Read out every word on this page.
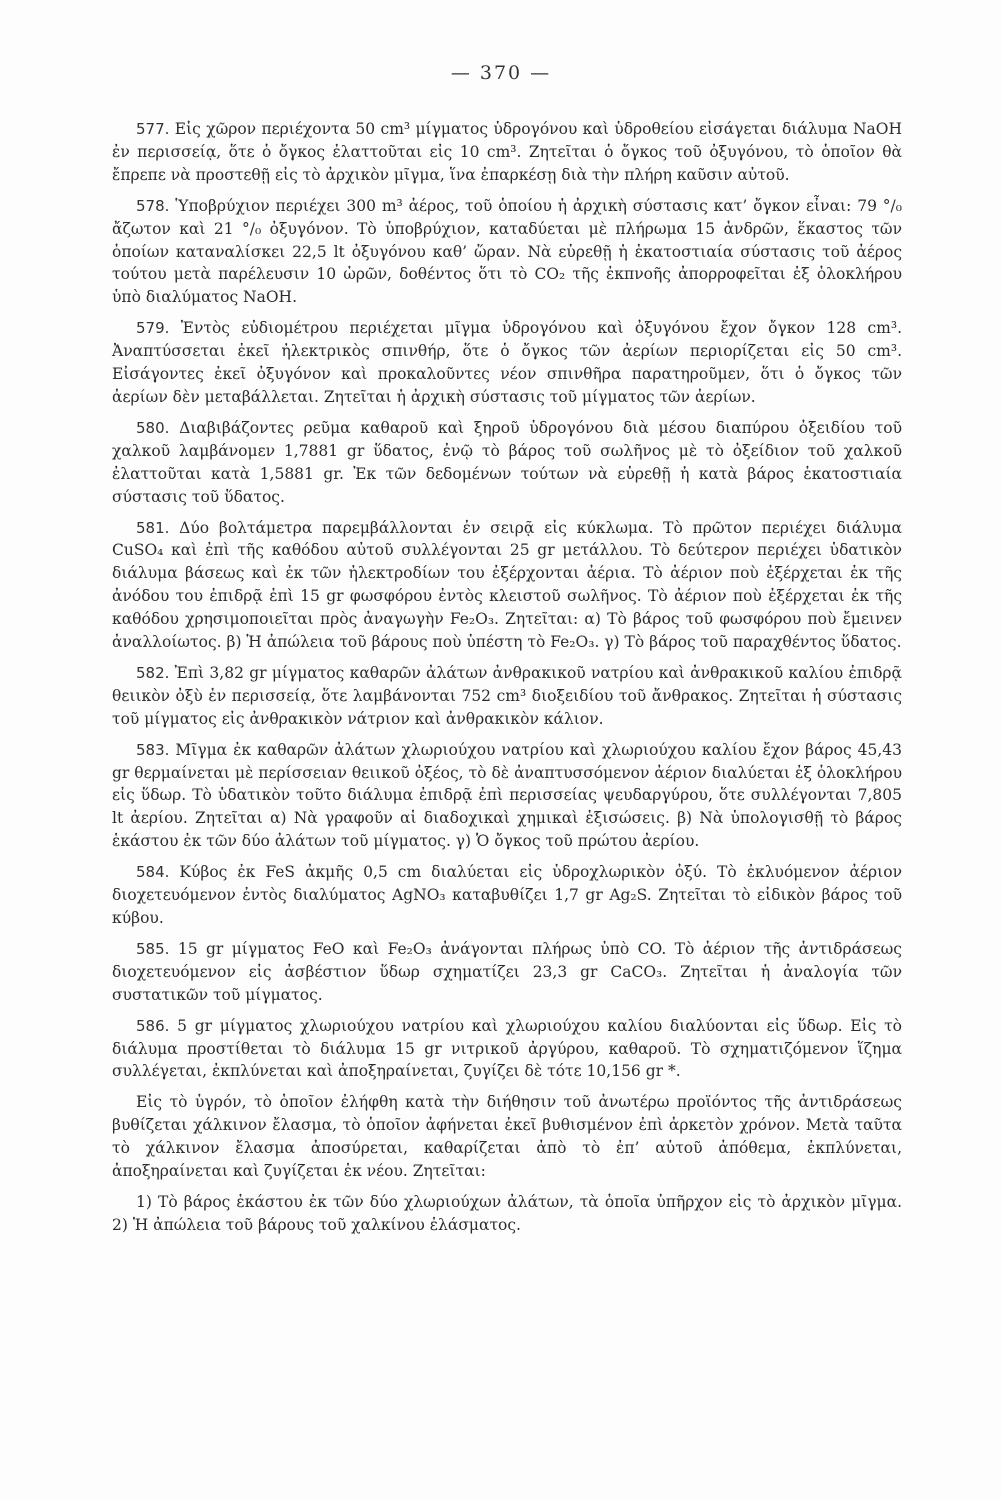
— 370 —

577. Εἰς χῶρον περιέχοντα 50 cm³ μίγματος ὑδρογόνου καὶ ὑδροθείου εἰσάγεται διάλυμα NaOH ἐν περισσείᾳ, ὅτε ὁ ὄγκος ἐλαττοῦται εἰς 10 cm³. Ζητεῖται ὁ ὄγκος τοῦ ὀξυγόνου, τὸ ὁποῖον θὰ ἔπρεπε νὰ προστεθῇ εἰς τὸ ἀρχικὸν μῖγμα, ἵνα ἐπαρκέσῃ διὰ τὴν πλήρη καῦσιν αὐτοῦ.

578. Ὑποβρύχιον περιέχει 300 m³ ἀέρος, τοῦ ὁποίου ἡ ἀρχικὴ σύστασις κατ’ ὄγκον εἶναι: 79 °/₀ ἄζωτον καὶ 21 °/₀ ὀξυγόνον. Τὸ ὑποβρύχιον, καταδύεται μὲ πλήρωμα 15 ἀνδρῶν, ἕκαστος τῶν ὁποίων καταναλίσκει 22,5 lt ὀξυγόνου καθ’ ὥραν. Νὰ εὑρεθῇ ἡ ἑκατοστιαία σύστασις τοῦ ἀέρος τούτου μετὰ παρέλευσιν 10 ὡρῶν, δοθέντος ὅτι τὸ CO₂ τῆς ἐκπνοῆς ἀπορροφεῖται ἐξ ὁλοκλήρου ὑπὸ διαλύματος NaOH.

579. Ἐντὸς εὐδιομέτρου περιέχεται μῖγμα ὑδρογόνου καὶ ὀξυγόνου ἔχον ὄγκον 128 cm³. Ἀναπτύσσεται ἐκεῖ ἠλεκτρικὸς σπινθήρ, ὅτε ὁ ὄγκος τῶν ἀερίων περιορίζεται εἰς 50 cm³. Εἰσάγοντες ἐκεῖ ὀξυγόνον καὶ προκαλοῦντες νέον σπινθῆρα παρατηροῦμεν, ὅτι ὁ ὄγκος τῶν ἀερίων δὲν μεταβάλλεται. Ζητεῖται ἡ ἀρχικὴ σύστασις τοῦ μίγματος τῶν ἀερίων.

580. Διαβιβάζοντες ρεῦμα καθαροῦ καὶ ξηροῦ ὑδρογόνου διὰ μέσου διαπύρου ὀξειδίου τοῦ χαλκοῦ λαμβάνομεν 1,7881 gr ὕδατος, ἐνῷ τὸ βάρος τοῦ σωλῆνος μὲ τὸ ὀξείδιον τοῦ χαλκοῦ ἐλαττοῦται κατὰ 1,5881 gr. Ἐκ τῶν δεδομένων τούτων νὰ εὑρεθῇ ἡ κατὰ βάρος ἑκατοστιαία σύστασις τοῦ ὕδατος.

581. Δύο βολτάμετρα παρεμβάλλονται ἐν σειρᾷ εἰς κύκλωμα. Τὸ πρῶτον περιέχει διάλυμα CuSO₄ καὶ ἐπὶ τῆς καθόδου αὐτοῦ συλλέγονται 25 gr μετάλλου. Τὸ δεύτερον περιέχει ὑδατικὸν διάλυμα βάσεως καὶ ἐκ τῶν ἠλεκτροδίων του ἐξέρχονται ἀέρια. Τὸ ἀέριον ποὺ ἐξέρχεται ἐκ τῆς ἀνόδου του ἐπιδρᾷ ἐπὶ 15 gr φωσφόρου ἐντὸς κλειστοῦ σωλῆνος. Τὸ ἀέριον ποὺ ἐξέρχεται ἐκ τῆς καθόδου χρησιμοποιεῖται πρὸς ἀναγωγὴν Fe₂O₃. Ζητεῖται: α) Τὸ βάρος τοῦ φωσφόρου ποὺ ἔμεινεν ἀναλλοίωτος. β) Ἡ ἀπώλεια τοῦ βάρους ποὺ ὑπέστη τὸ Fe₂O₃. γ) Τὸ βάρος τοῦ παραχθέντος ὕδατος.

582. Ἐπὶ 3,82 gr μίγματος καθαρῶν ἀλάτων ἀνθρακικοῦ νατρίου καὶ ἀνθρακικοῦ καλίου ἐπιδρᾷ θειικὸν ὀξὺ ἐν περισσείᾳ, ὅτε λαμβάνονται 752 cm³ διοξειδίου τοῦ ἄνθρακος. Ζητεῖται ἡ σύστασις τοῦ μίγματος εἰς ἀνθρακικὸν νάτριον καὶ ἀνθρακικὸν κάλιον.

583. Μῖγμα ἐκ καθαρῶν ἀλάτων χλωριούχου νατρίου καὶ χλωριούχου καλίου ἔχον βάρος 45,43 gr θερμαίνεται μὲ περίσσειαν θειικοῦ ὀξέος, τὸ δὲ ἀναπτυσσόμενον ἀέριον διαλύεται ἐξ ὁλοκλήρου εἰς ὕδωρ. Τὸ ὑδατικὸν τοῦτο διάλυμα ἐπιδρᾷ ἐπὶ περισσείας ψευδαργύρου, ὅτε συλλέγονται 7,805 lt ἀερίου. Ζητεῖται α) Νὰ γραφοῦν αἱ διαδοχικαὶ χημικαὶ ἐξισώσεις. β) Νὰ ὑπολογισθῇ τὸ βάρος ἑκάστου ἐκ τῶν δύο ἀλάτων τοῦ μίγματος. γ) Ὁ ὄγκος τοῦ πρώτου ἀερίου.

584. Κύβος ἐκ FeS ἀκμῆς 0,5 cm διαλύεται εἰς ὑδροχλωρικὸν ὀξύ. Τὸ ἐκλυόμενον ἀέριον διοχετευόμενον ἐντὸς διαλύματος AgNO₃ καταβυθίζει 1,7 gr Ag₂S. Ζητεῖται τὸ εἰδικὸν βάρος τοῦ κύβου.

585. 15 gr μίγματος FeO καὶ Fe₂O₃ ἀνάγονται πλήρως ὑπὸ CO. Τὸ ἀέριον τῆς ἀντιδράσεως διοχετευόμενον εἰς ἀσβέστιον ὕδωρ σχηματίζει 23,3 gr CaCO₃. Ζητεῖται ἡ ἀναλογία τῶν συστατικῶν τοῦ μίγματος.

586. 5 gr μίγματος χλωριούχου νατρίου καὶ χλωριούχου καλίου διαλύονται εἰς ὕδωρ. Εἰς τὸ διάλυμα προστίθεται τὸ διάλυμα 15 gr νιτρικοῦ ἀργύρου, καθαροῦ. Τὸ σχηματιζόμενον ἵζημα συλλέγεται, ἐκπλύνεται καὶ ἀποξηραίνεται, ζυγίζει δὲ τότε 10,156 gr *.

Εἰς τὸ ὑγρόν, τὸ ὁποῖον ἐλήφθη κατὰ τὴν διήθησιν τοῦ ἀνωτέρω προϊόντος τῆς ἀντιδράσεως βυθίζεται χάλκινον ἔλασμα, τὸ ὁποῖον ἀφήνεται ἐκεῖ βυθισμένον ἐπὶ ἀρκετὸν χρόνον. Μετὰ ταῦτα τὸ χάλκινον ἔλασμα ἀποσύρεται, καθαρίζεται ἀπὸ τὸ ἐπ’ αὐτοῦ ἀπόθεμα, ἐκπλύνεται, ἀποξηραίνεται καὶ ζυγίζεται ἐκ νέου. Ζητεῖται:

1) Τὸ βάρος ἑκάστου ἐκ τῶν δύο χλωριούχων ἀλάτων, τὰ ὁποῖα ὑπῆρχον εἰς τὸ ἀρχικὸν μῖγμα. 2) Ἡ ἀπώλεια τοῦ βάρους τοῦ χαλκίνου ἐλάσματος.
